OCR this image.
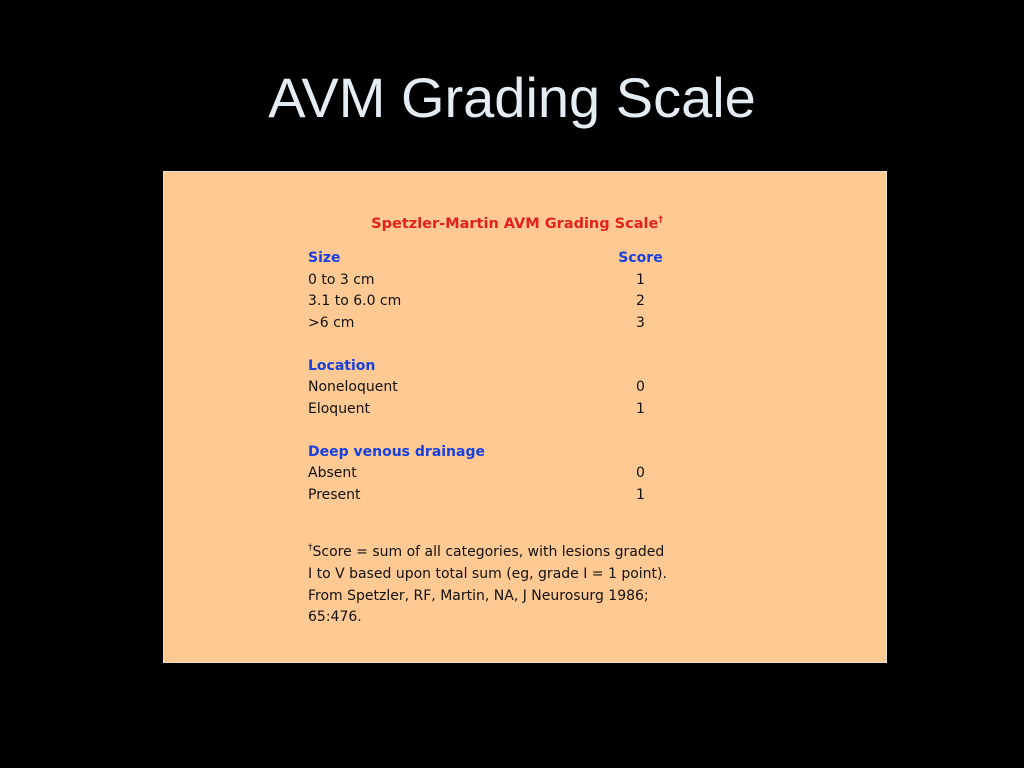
AVM Grading Scale
Spetzler-Martin AVM Grading Scale†
Size	Score
0 to 3 cm	1
3.1 to 6.0 cm	2
>6 cm	3
Location
Noneloquent	0
Eloquent	1
Deep venous drainage
Absent	0
Present	1
†Score = sum of all categories, with lesions graded
I to V based upon total sum (eg, grade I = 1 point).
From Spetzler, RF, Martin, NA, J Neurosurg 1986;
65:476.
